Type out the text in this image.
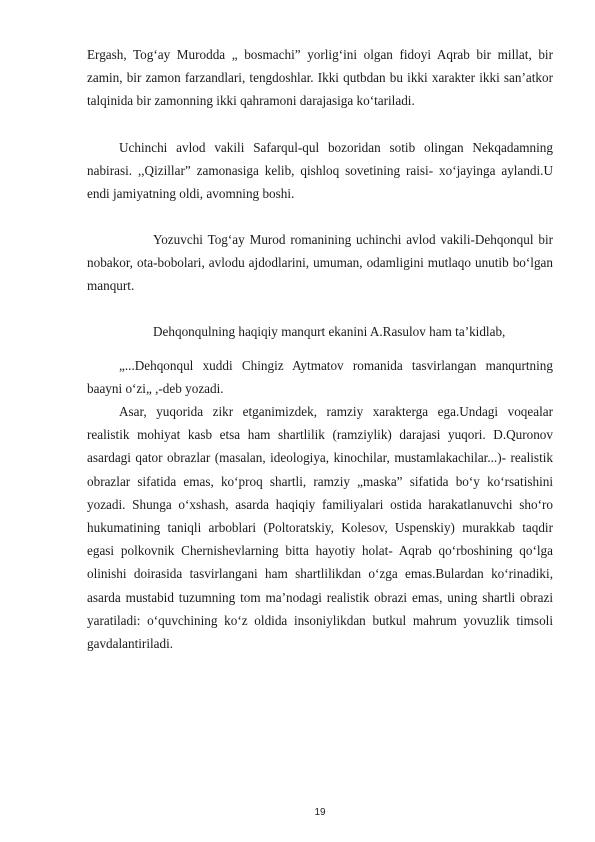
Ergash, Tog‘ay Murodda „ bosmachi” yorlig‘ini olgan fidoyi Aqrab bir millat, bir zamin, bir zamon farzandlari, tengdoshlar. Ikki qutbdan bu ikki xarakter ikki san’atkor talqinida bir zamonning ikki qahramoni darajasiga ko‘tariladi.

Uchinchi avlod vakili Safarqul-qul bozoridan sotib olingan Nekqadamning nabirasi. ,,Qizillar” zamonasiga kelib, qishloq sovetining raisi- xo‘jayinga aylandi.U endi jamiyatning oldi, avomning boshi.

Yozuvchi Tog‘ay Murod romanining uchinchi avlod vakili-Dehqonqul bir nobakor, ota-bobolari, avlodu ajdodlarini, umuman, odamligini mutlaqo unutib bo‘lgan manqurt.

Dehqonqulning haqiqiy manqurt ekanini A.Rasulov ham ta’kidlab,

„...Dehqonqul xuddi Chingiz Aytmatov romanida tasvirlangan manqurtning baayni o‘zi„ ,-deb yozadi.

Asar, yuqorida zikr etganimizdek, ramziy xarakterga ega.Undagi voqealar realistik mohiyat kasb etsa ham shartlilik (ramziylik) darajasi yuqori. D.Quronov asardagi qator obrazlar (masalan, ideologiya, kinochilar, mustamlakachilar...)- realistik obrazlar sifatida emas, ko‘proq shartli, ramziy „maska” sifatida bo‘y ko‘rsatishini yozadi. Shunga o‘xshash, asarda haqiqiy familiyalari ostida harakatlanuvchi sho‘ro hukumatining taniqli arboblari (Poltoratskiy, Kolesov, Uspenskiy) murakkab taqdir egasi polkovnik Chernishevlarning bitta hayotiy holat- Aqrab qo‘rboshining qo‘lga olinishi doirasida tasvirlangani ham shartlilikdan o‘zga emas.Bulardan ko‘rinadiki, asarda mustabid tuzumning tom ma’nodagi realistik obrazi emas, uning shartli obrazi yaratiladi: o‘quvchining ko‘z oldida insoniylikdan butkul mahrum yovuzlik timsoli gavdalantiriladi.

19
